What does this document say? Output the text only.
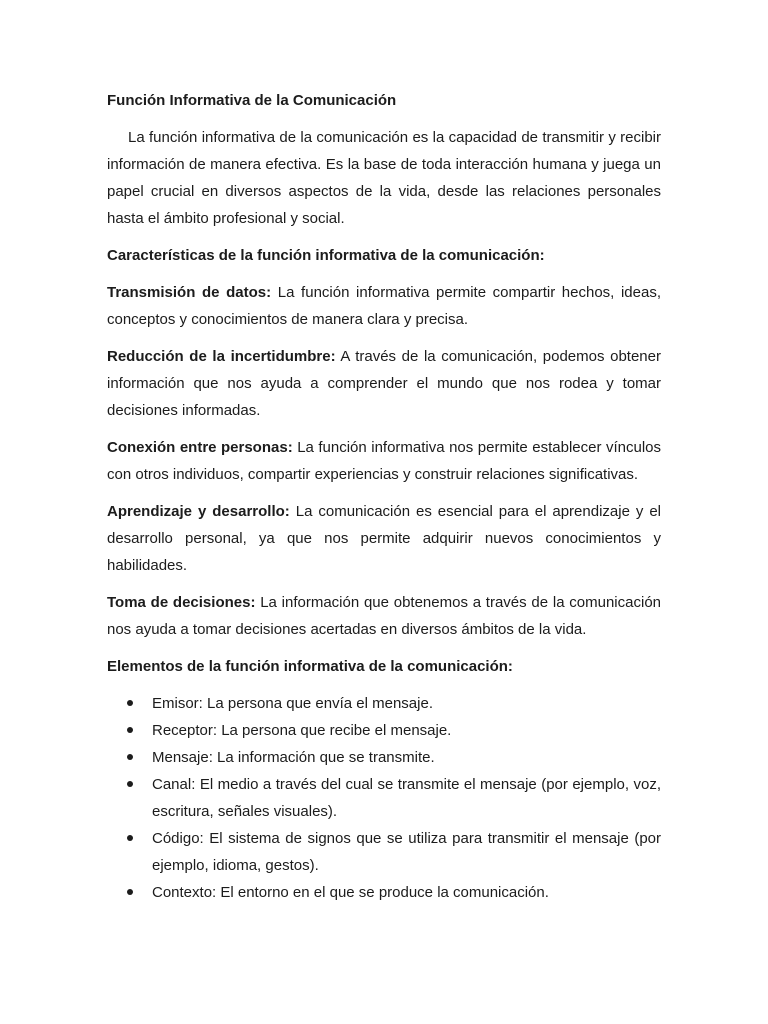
Función Informativa de la Comunicación

La función informativa de la comunicación es la capacidad de transmitir y recibir información de manera efectiva. Es la base de toda interacción humana y juega un papel crucial en diversos aspectos de la vida, desde las relaciones personales hasta el ámbito profesional y social.

Características de la función informativa de la comunicación:

Transmisión de datos: La función informativa permite compartir hechos, ideas, conceptos y conocimientos de manera clara y precisa.

Reducción de la incertidumbre: A través de la comunicación, podemos obtener información que nos ayuda a comprender el mundo que nos rodea y tomar decisiones informadas.

Conexión entre personas: La función informativa nos permite establecer vínculos con otros individuos, compartir experiencias y construir relaciones significativas.

Aprendizaje y desarrollo: La comunicación es esencial para el aprendizaje y el desarrollo personal, ya que nos permite adquirir nuevos conocimientos y habilidades.

Toma de decisiones: La información que obtenemos a través de la comunicación nos ayuda a tomar decisiones acertadas en diversos ámbitos de la vida.

Elementos de la función informativa de la comunicación:
Emisor: La persona que envía el mensaje.
Receptor: La persona que recibe el mensaje.
Mensaje: La información que se transmite.
Canal: El medio a través del cual se transmite el mensaje (por ejemplo, voz, escritura, señales visuales).
Código: El sistema de signos que se utiliza para transmitir el mensaje (por ejemplo, idioma, gestos).
Contexto: El entorno en el que se produce la comunicación.
